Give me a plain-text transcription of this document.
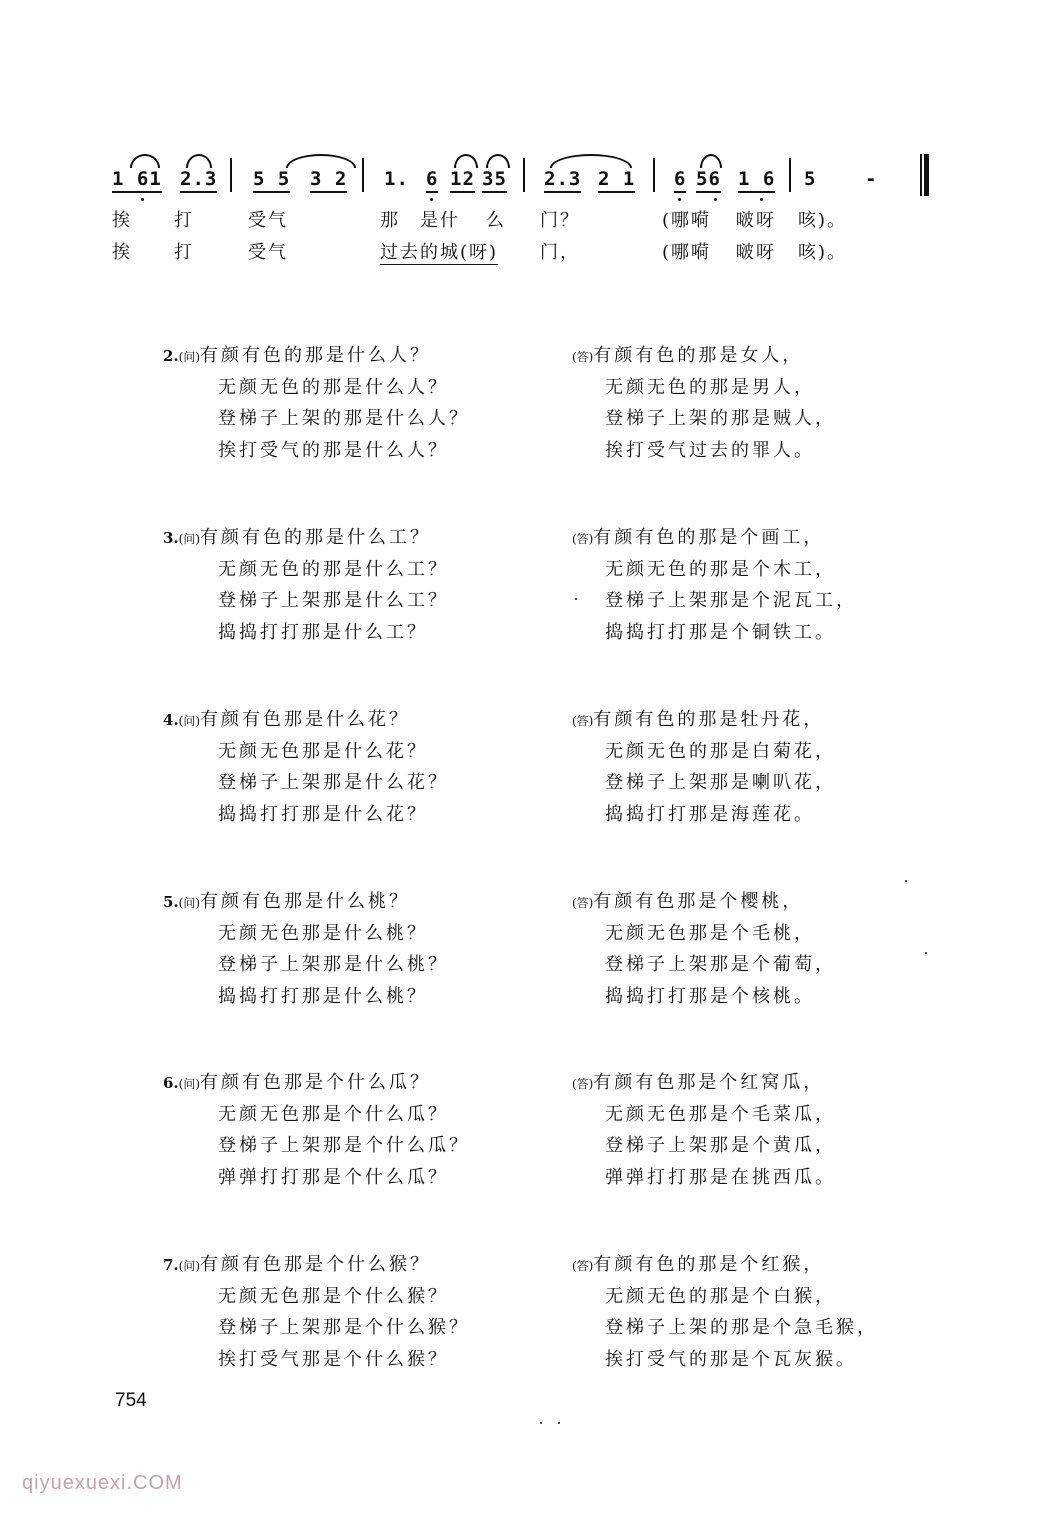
1 61 2.3 5 5 3 2 1. 6 12 35 2.3 2 1 6 56 1 6 5	-
挨 打	受气	那 是什 么 门？	(哪嗬 啵呀 咳)。
挨 打	受气	过去的城(呀) 门，	(哪嗬 啵呀 咳)。
2.(问)有颜有色的那是什么人？
无颜无色的那是什么人？
登梯子上架的那是什么人？
挨打受气的那是什么人？
(答)有颜有色的那是女人，
无颜无色的那是男人，
登梯子上架的那是贼人，
挨打受气过去的罪人。
3.(问)有颜有色的那是什么工？
无颜无色的那是什么工？
登梯子上架那是什么工？
捣捣打打那是什么工？
(答)有颜有色的那是个画工，
无颜无色的那是个木工，
登梯子上架那是个泥瓦工，
捣捣打打那是个铜铁工。
4.(问)有颜有色那是什么花？
无颜无色那是什么花？
登梯子上架那是什么花？
捣捣打打那是什么花？
(答)有颜有色的那是牡丹花，
无颜无色的那是白菊花，
登梯子上架那是喇叭花，
捣捣打打那是海莲花。
5.(问)有颜有色那是什么桃？
无颜无色那是什么桃？
登梯子上架那是什么桃？
捣捣打打那是什么桃？
(答)有颜有色那是个樱桃，
无颜无色那是个毛桃，
登梯子上架那是个葡萄，
捣捣打打那是个核桃。
6.(问)有颜有色那是个什么瓜？
无颜无色那是个什么瓜？
登梯子上架那是个什么瓜？
弹弹打打那是个什么瓜？
(答)有颜有色那是个红窝瓜，
无颜无色那是个毛菜瓜，
登梯子上架那是个黄瓜，
弹弹打打那是在挑西瓜。
7.(问)有颜有色那是个什么猴？
无颜无色那是个什么猴？
登梯子上架那是个什么猴？
挨打受气那是个什么猴？
(答)有颜有色的那是个红猴，
无颜无色的那是个白猴，
登梯子上架的那是个急毛猴，
挨打受气的那是个瓦灰猴。
754
qiyuexuexi.COM
